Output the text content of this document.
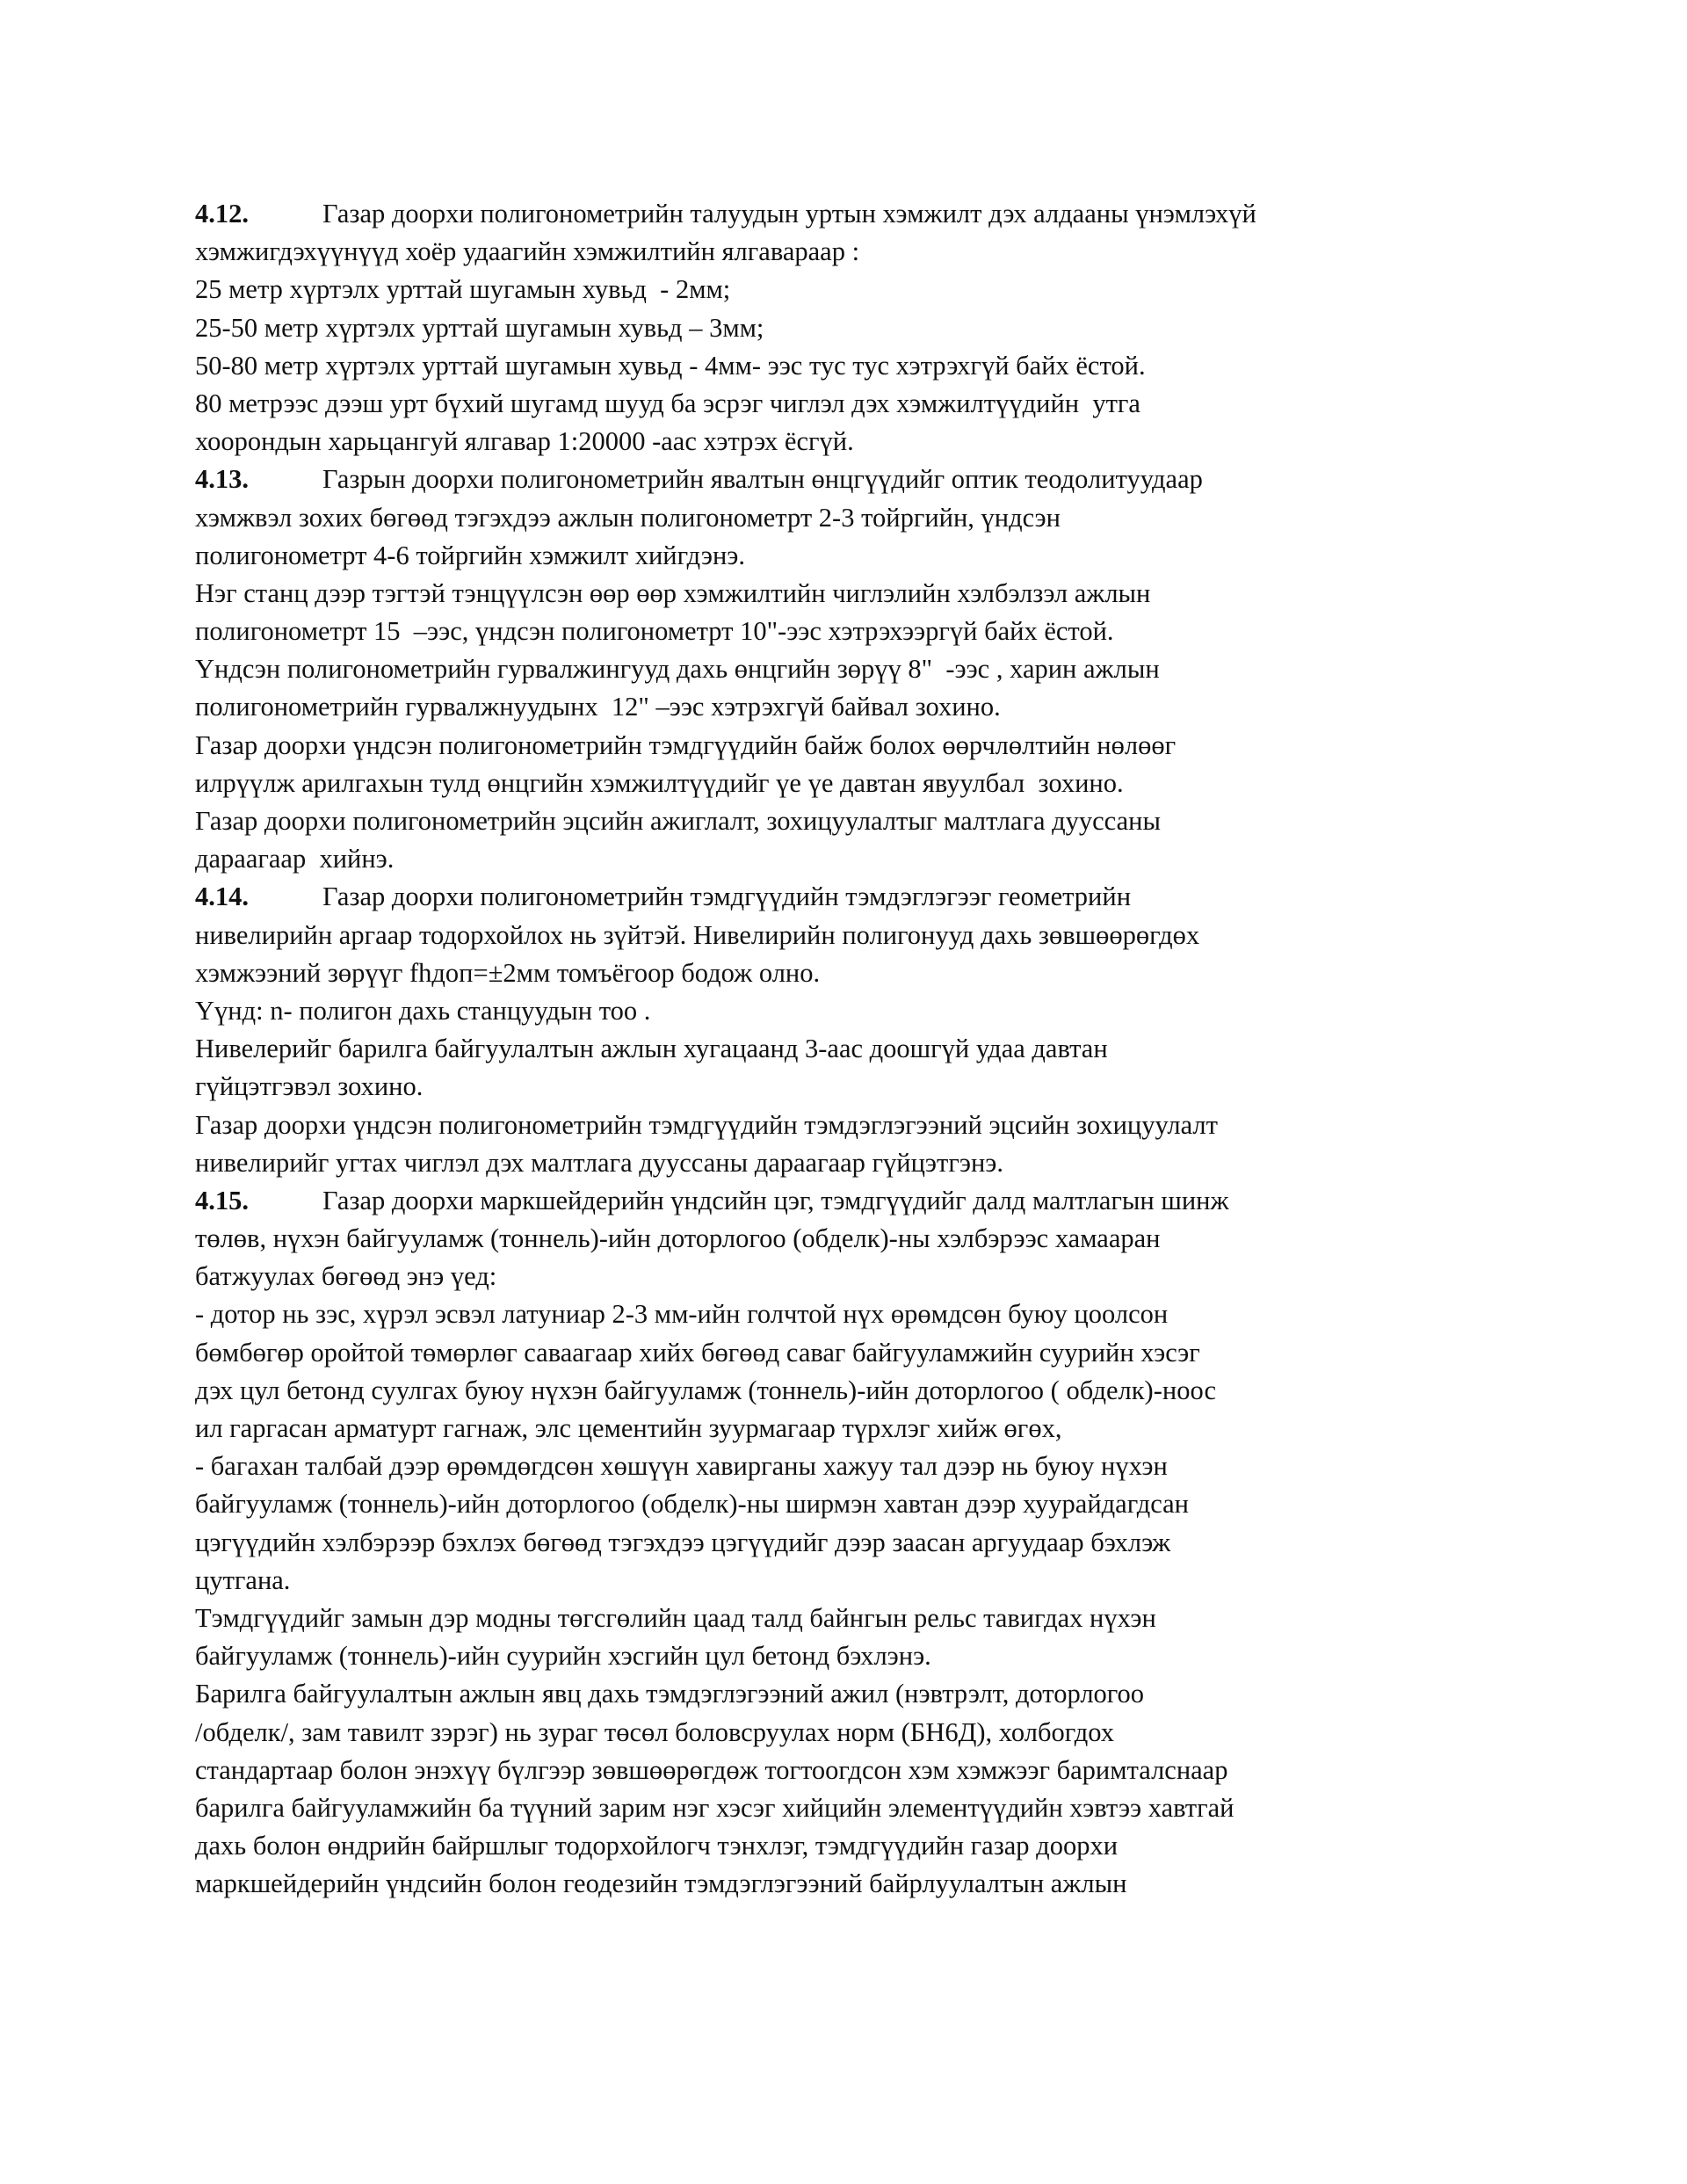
4.12.	Газар доорхи полигонометрийн талуудын уртын хэмжилт дэх алдааны үнэмлэхүй
хэмжигдэхүүнүүд хоёр удаагийн хэмжилтийн ялгавараар :
25 метр хүртэлх урттай шугамын хувьд  - 2мм;
25-50 метр хүртэлх урттай шугамын хувьд – 3мм;
50-80 метр хүртэлх урттай шугамын хувьд - 4мм- ээс тус тус хэтрэхгүй байх ёстой.
80 метрээс дээш урт бүхий шугамд шууд ба эсрэг чиглэл дэх хэмжилтүүдийн  утга
хоорондын харьцангуй ялгавар 1:20000 -аас хэтрэх ёсгүй.
4.13.	Газрын доорхи полигонометрийн явалтын өнцгүүдийг оптик теодолитуудаар
хэмжвэл зохих бөгөөд тэгэхдээ ажлын полигонометрт 2-3 тойргийн, үндсэн
полигонометрт 4-6 тойргийн хэмжилт хийгдэнэ.
Нэг станц дээр тэгтэй тэнцүүлсэн өөр өөр хэмжилтийн чиглэлийн хэлбэлзэл ажлын
полигонометрт 15  –ээс, үндсэн полигонометрт 10"-ээс хэтрэхээргүй байх ёстой.
Үндсэн полигонометрийн гурвалжингууд дахь өнцгийн зөрүү 8"  -ээс , харин ажлын
полигонометрийн гурвалжнуудынх  12" –ээс хэтрэхгүй байвал зохино.
Газар доорхи үндсэн полигонометрийн тэмдгүүдийн байж болох өөрчлөлтийн нөлөөг
илрүүлж арилгахын тулд өнцгийн хэмжилтүүдийг үе үе давтан явуулбал  зохино.
Газар доорхи полигонометрийн эцсийн ажиглалт, зохицуулалтыг малтлага дууссаны
дараагаар  хийнэ.
4.14.	Газар доорхи полигонометрийн тэмдгүүдийн тэмдэглэгээг геометрийн
нивелирийн аргаар тодорхойлох нь зүйтэй. Нивелирийн полигонууд дахь зөвшөөрөгдөх
хэмжээний зөрүүг fhдоп=±2мм томъёгоор бодож олно.
Үүнд: n- полигон дахь станцуудын тоо .
Нивелерийг барилга байгуулалтын ажлын хугацаанд 3-аас доошгүй удаа давтан
гүйцэтгэвэл зохино.
Газар доорхи үндсэн полигонометрийн тэмдгүүдийн тэмдэглэгээний эцсийн зохицуулалт
нивелирийг угтах чиглэл дэх малтлага дууссаны дараагаар гүйцэтгэнэ.
4.15.	Газар доорхи маркшейдерийн үндсийн цэг, тэмдгүүдийг далд малтлагын шинж
төлөв, нүхэн байгууламж (тоннель)-ийн доторлогоо (обделк)-ны хэлбэрээс хамааран
батжуулах бөгөөд энэ үед:
- дотор нь зэс, хүрэл эсвэл латуниар 2-3 мм-ийн голчтой нүх өрөмдсөн буюу цоолсон
бөмбөгөр оройтой төмөрлөг саваагаар хийх бөгөөд саваг байгууламжийн суурийн хэсэг
дэх цул бетонд суулгах буюу нүхэн байгууламж (тоннель)-ийн доторлогоо ( обделк)-ноос
ил гаргасан арматурт гагнаж, элс цементийн зуурмагаар түрхлэг хийж өгөх,
- багахан талбай дээр өрөмдөгдсөн хөшүүн хавирганы хажуу тал дээр нь буюу нүхэн
байгууламж (тоннель)-ийн доторлогоо (обделк)-ны ширмэн хавтан дээр хуурайдагдсан
цэгүүдийн хэлбэрээр бэхлэх бөгөөд тэгэхдээ цэгүүдийг дээр заасан аргуудаар бэхлэж
цутгана.
Тэмдгүүдийг замын дэр модны төгсгөлийн цаад талд байнгын рельс тавигдах нүхэн
байгууламж (тоннель)-ийн суурийн хэсгийн цул бетонд бэхлэнэ.
Барилга байгуулалтын ажлын явц дахь тэмдэглэгээний ажил (нэвтрэлт, доторлогоо
/обделк/, зам тавилт зэрэг) нь зураг төсөл боловсруулах норм (БН6Д), холбогдох
стандартаар болон энэхүү бүлгээр зөвшөөрөгдөж тогтоогдсон хэм хэмжээг баримталснаар
барилга байгууламжийн ба түүний зарим нэг хэсэг хийцийн элементүүдийн хэвтээ хавтгай
дахь болон өндрийн байршлыг тодорхойлогч тэнхлэг, тэмдгүүдийн газар доорхи
маркшейдерийн үндсийн болон геодезийн тэмдэглэгээний байрлуулалтын ажлын
